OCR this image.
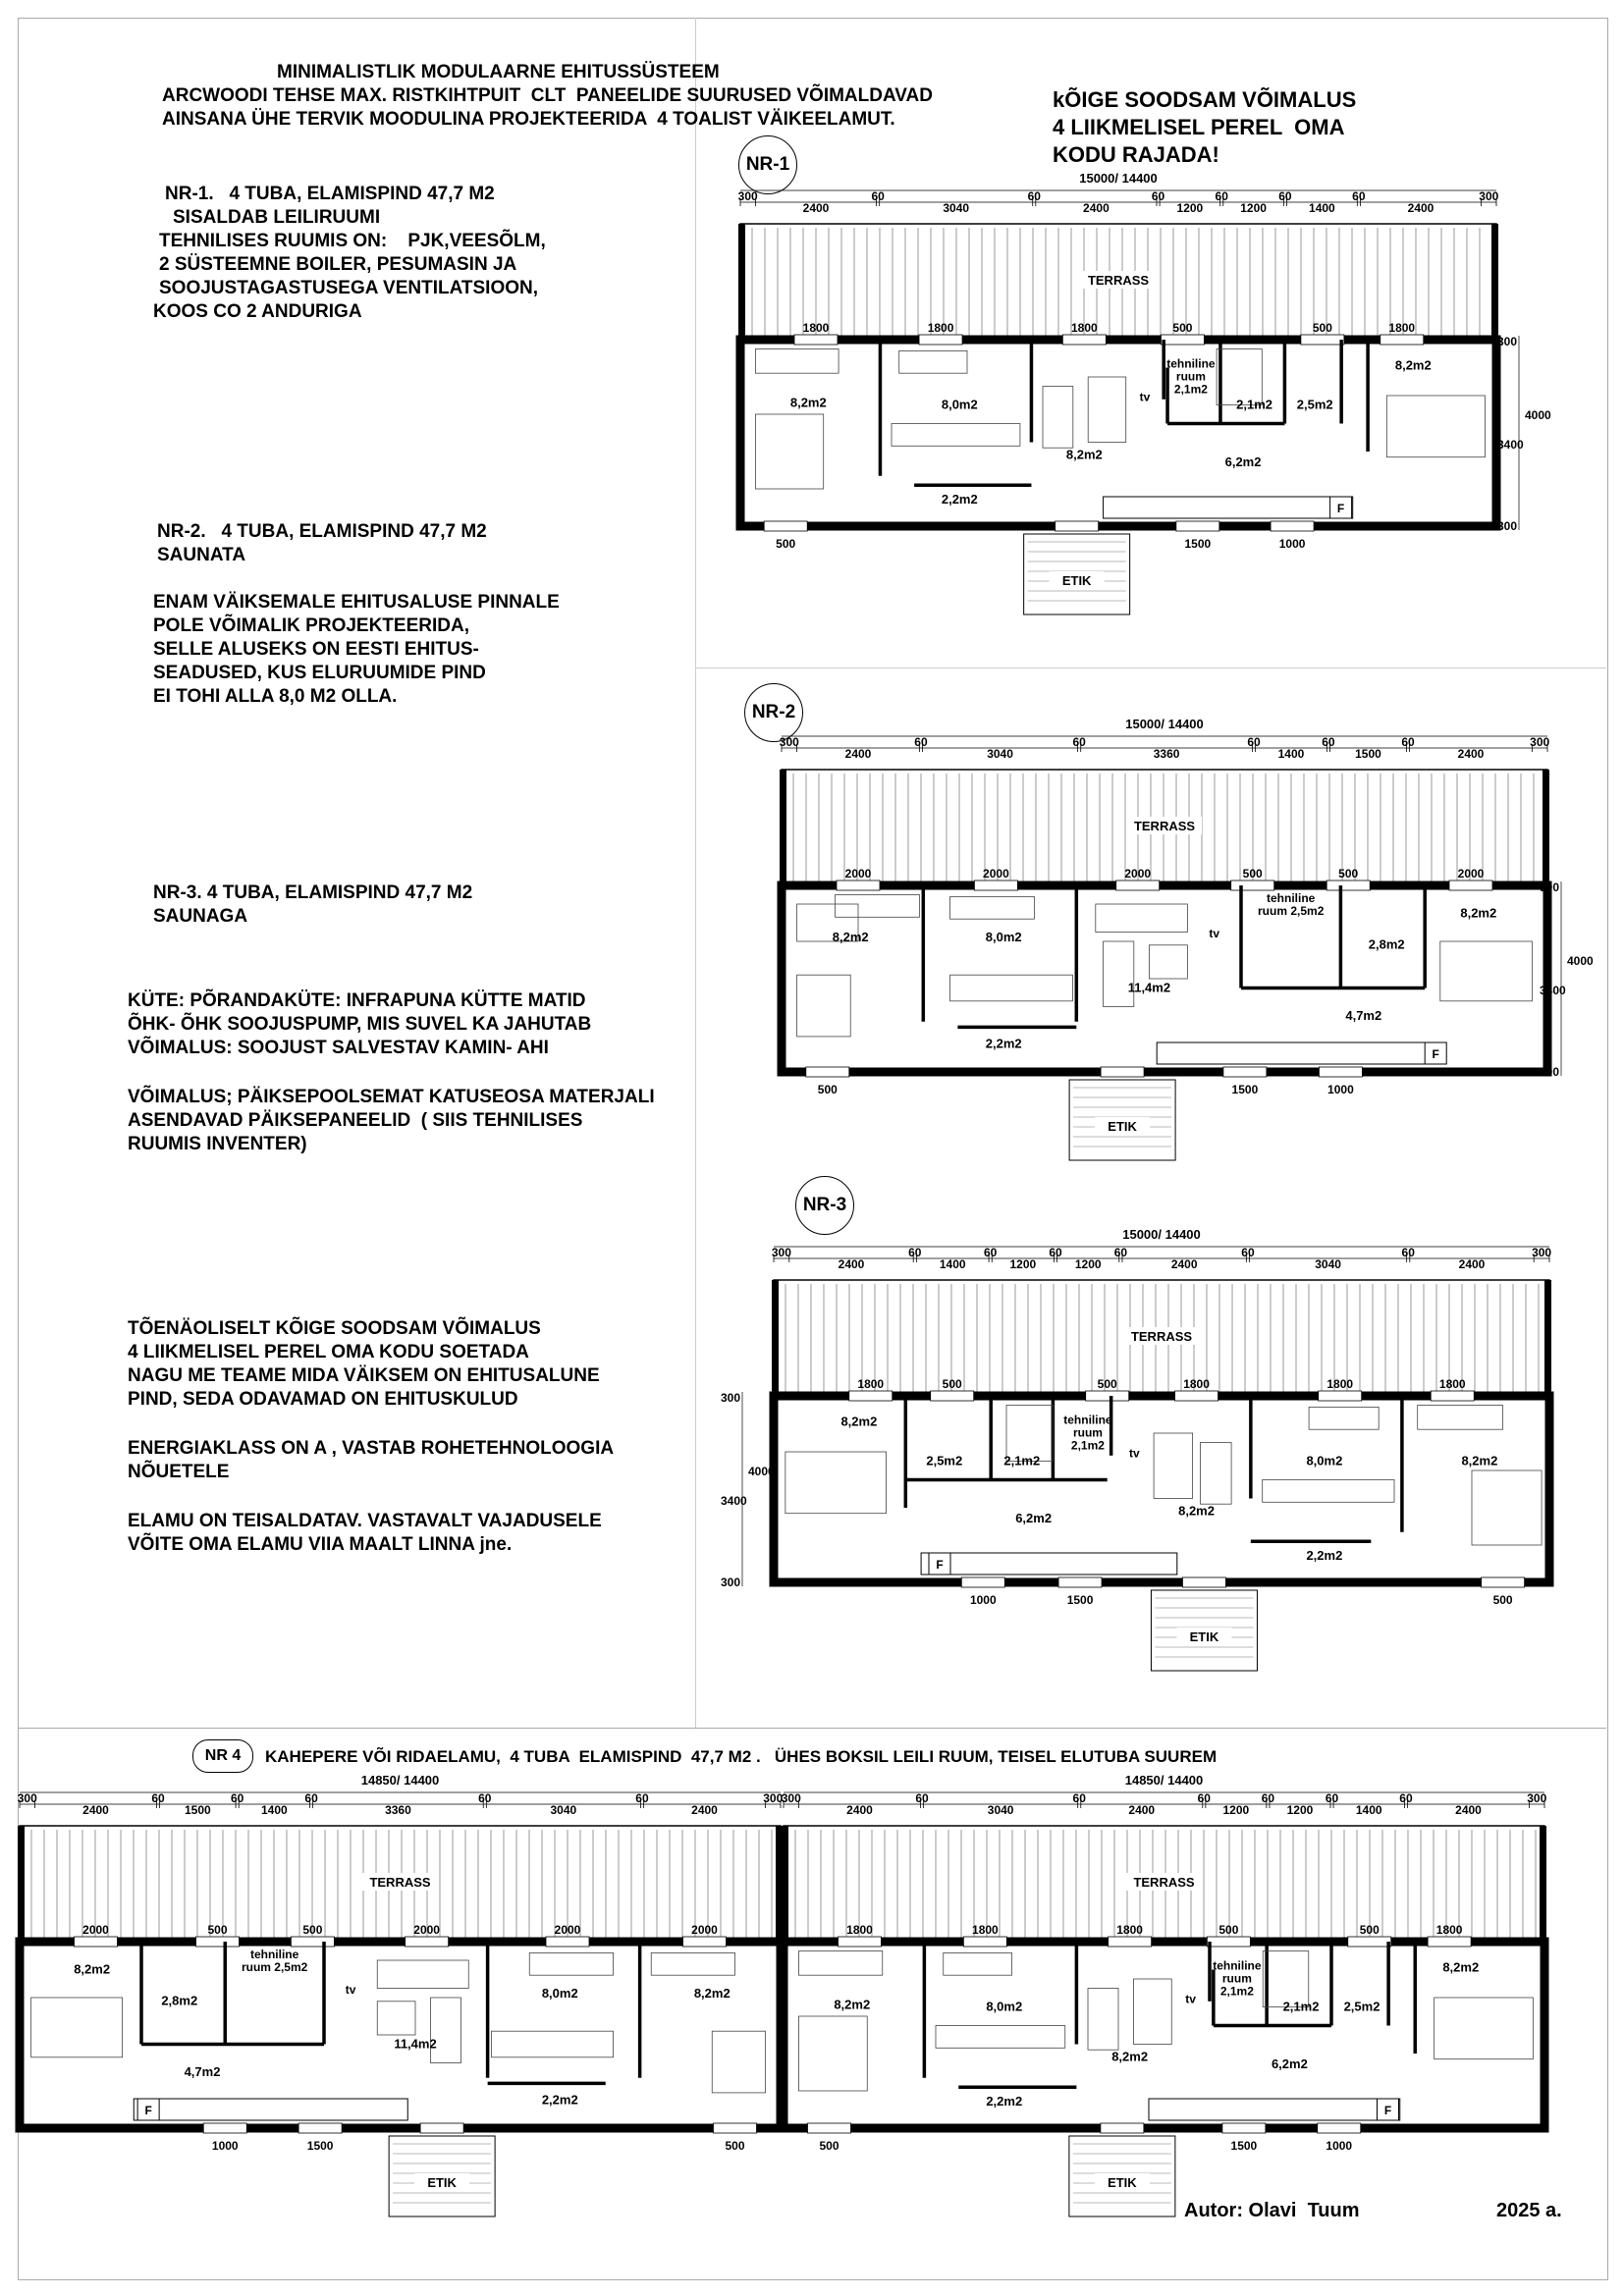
MINIMALISTLIK MODULAARNE EHITUSSÜSTEEM
ARCWOODI TEHSE MAX. RISTKIHTPUIT  CLT  PANEELIDE SUURUSED VÕIMALDAVAD
AINSANA ÜHE TERVIK MOODULINA PROJEKTEERIDA  4 TOALIST VÄIKEELAMUT.
kÕIGE SOODSAM VÕIMALUS
4 LIIKMELISEL PEREL  OMA
KODU RAJADA!
NR-1.   4 TUBA, ELAMISPIND 47,7 M2
SISALDAB LEILIRUUMI
TEHNILISES RUUMIS ON:    PJK,VEESÕLM,
2 SÜSTEEMNE BOILER, PESUMASIN JA
SOOJUSTAGASTUSEGA VENTILATSIOON,
KOOS CO 2 ANDURIGA
NR-2.   4 TUBA, ELAMISPIND 47,7 M2
SAUNATA
ENAM VÄIKSEMALE EHITUSALUSE PINNALE
POLE VÕIMALIK PROJEKTEERIDA,
SELLE ALUSEKS ON EESTI EHITUS-
SEADUSED, KUS ELURUUMIDE PIND
EI TOHI ALLA 8,0 M2 OLLA.
NR-3. 4 TUBA, ELAMISPIND 47,7 M2
SAUNAGA
KÜTE: PÕRANDAKÜTE: INFRAPUNA KÜTTE MATID
ÕHK- ÕHK SOOJUSPUMP, MIS SUVEL KA JAHUTAB
VÕIMALUS: SOOJUST SALVESTAV KAMIN- AHI
VÕIMALUS; PÄIKSEPOOLSEMAT KATUSEOSA MATERJALI
ASENDAVAD PÄIKSEPANEELID  ( SIIS TEHNILISES
RUUMIS INVENTER)
TÕENÄOLISELT KÕIGE SOODSAM VÕIMALUS
4 LIIKMELISEL PEREL OMA KODU SOETADA
NAGU ME TEAME MIDA VÄIKSEM ON EHITUSALUNE
PIND, SEDA ODAVAMAD ON EHITUSKULUD
ENERGIAKLASS ON A , VASTAB ROHETEHNOLOOGIA
NÕUETELE
ELAMU ON TEISALDATAV. VASTAVALT VAJADUSELE
VÕITE OMA ELAMU VIIA MAALT LINNA jne.
NR-1
NR-2
NR-3
NR 4 KAHEPERE VÕI RIDAELAMU,  4 TUBA  ELAMISPIND  47,7 M2 .   ÜHES BOKSIL LEILI RUUM, TEISEL ELUTUBA SUUREM
15000/ 14400
300
2400
60
3040
60
2400
60
1200
60
1200
60
1400
60
2400
300
TERRASS
1800	1800	1800	500	500	1800
8,2m2	8,0m2
8,2m2
2,1m2 2,5m2
8,2m2
6,2m2
2,2m2
tehniline
ruum
2,1m2
tv
F
500	1500	1000
ETIK
300
4000
3400
300
15000/ 14400
300
2400
60
3040
60
3360
60
1400
60
1500
60
2400
300
TERRASS
2000	2000	2000	500	500	2000
8,2m2	8,0m2
11,4m2
2,8m2
8,2m2
4,7m2
2,2m2
tehniline
ruum 2,5m2
tv
F
500	1500	1000
ETIK
300
4000
3400
300
15000/ 14400
300
2400
60
1400
60
1200
60
1200
60
2400
60
3040
60
2400
300
TERRASS
1800	500	500	1800	1800	1800
8,2m2
2,5m2	2,1m2
8,2m2
8,0m2	8,2m2
6,2m2
2,2m2
tehniline
ruum
2,1m2
tv
F
1000	1500	500
ETIK
300
4000
3400
300
14850/ 14400
300
2400
60
1500
60
1400
60
3360
60
3040
60
2400
300
TERRASS
2000	500	500	2000	2000	2000
8,2m2
2,8m2
11,4m2
8,0m2	8,2m2
4,7m2
2,2m2
tehniline
ruum 2,5m2
tv
F
1000	1500	500
ETIK
14850/ 14400
300
2400
60
3040
60
2400
60
1200
60
1200
60
1400
60
2400
300
TERRASS
1800	1800	1800	500	500	1800
8,2m2	8,0m2
8,2m2
2,1m2 2,5m2
8,2m2
6,2m2
2,2m2
tehniline
ruum
2,1m2
tv
F
500	1500	1000
ETIK
Autor: Olavi  Tuum	2025 a.
